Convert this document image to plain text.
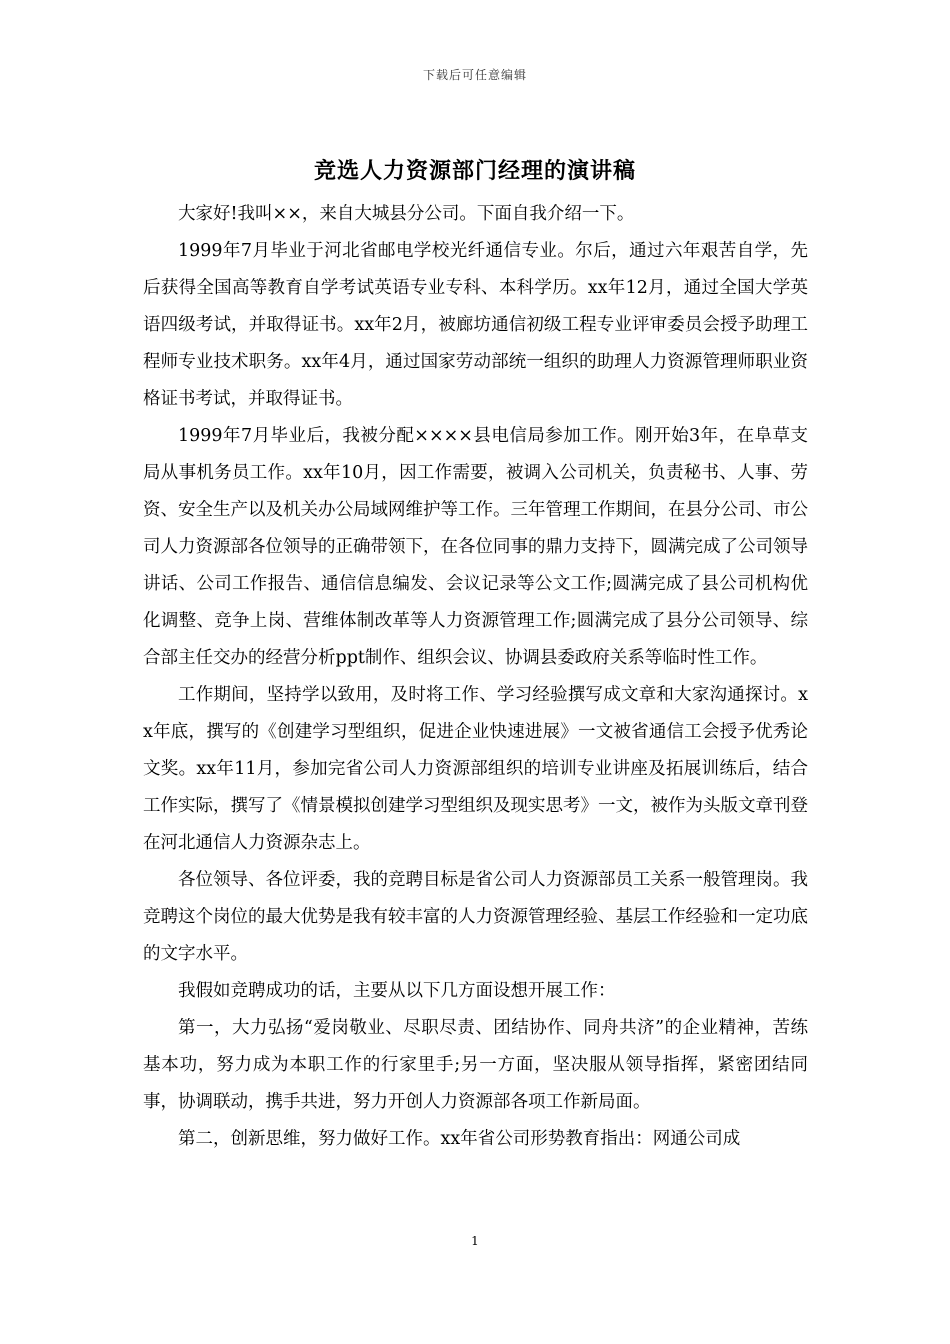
下载后可任意编辑
竞选人力资源部门经理的演讲稿

大家好!我叫××，来自大城县分公司。下面自我介绍一下。

1999年7月毕业于河北省邮电学校光纤通信专业。尔后，通过六年艰苦自学，先后获得全国高等教育自学考试英语专业专科、本科学历。xx年12月，通过全国大学英语四级考试，并取得证书。xx年2月，被廊坊通信初级工程专业评审委员会授予助理工程师专业技术职务。xx年4月，通过国家劳动部统一组织的助理人力资源管理师职业资格证书考试，并取得证书。

1999年7月毕业后，我被分配××××县电信局参加工作。刚开始3年，在阜草支局从事机务员工作。xx年10月，因工作需要，被调入公司机关，负责秘书、人事、劳资、安全生产以及机关办公局域网维护等工作。三年管理工作期间，在县分公司、市公司人力资源部各位领导的正确带领下，在各位同事的鼎力支持下，圆满完成了公司领导讲话、公司工作报告、通信信息编发、会议记录等公文工作;圆满完成了县公司机构优化调整、竞争上岗、营维体制改革等人力资源管理工作;圆满完成了县分公司领导、综合部主任交办的经营分析ppt制作、组织会议、协调县委政府关系等临时性工作。

工作期间，坚持学以致用，及时将工作、学习经验撰写成文章和大家沟通探讨。xx年底，撰写的《创建学习型组织，促进企业快速进展》一文被省通信工会授予优秀论文奖。xx年11月，参加完省公司人力资源部组织的培训专业讲座及拓展训练后，结合工作实际，撰写了《情景模拟创建学习型组织及现实思考》一文，被作为头版文章刊登在河北通信人力资源杂志上。

各位领导、各位评委，我的竞聘目标是省公司人力资源部员工关系一般管理岗。我竞聘这个岗位的最大优势是我有较丰富的人力资源管理经验、基层工作经验和一定功底的文字水平。

我假如竞聘成功的话，主要从以下几方面设想开展工作：

第一，大力弘扬“爱岗敬业、尽职尽责、团结协作、同舟共济”的企业精神，苦练基本功，努力成为本职工作的行家里手;另一方面，坚决服从领导指挥，紧密团结同事，协调联动，携手共进，努力开创人力资源部各项工作新局面。

第二，创新思维，努力做好工作。xx年省公司形势教育指出：网通公司成

1
